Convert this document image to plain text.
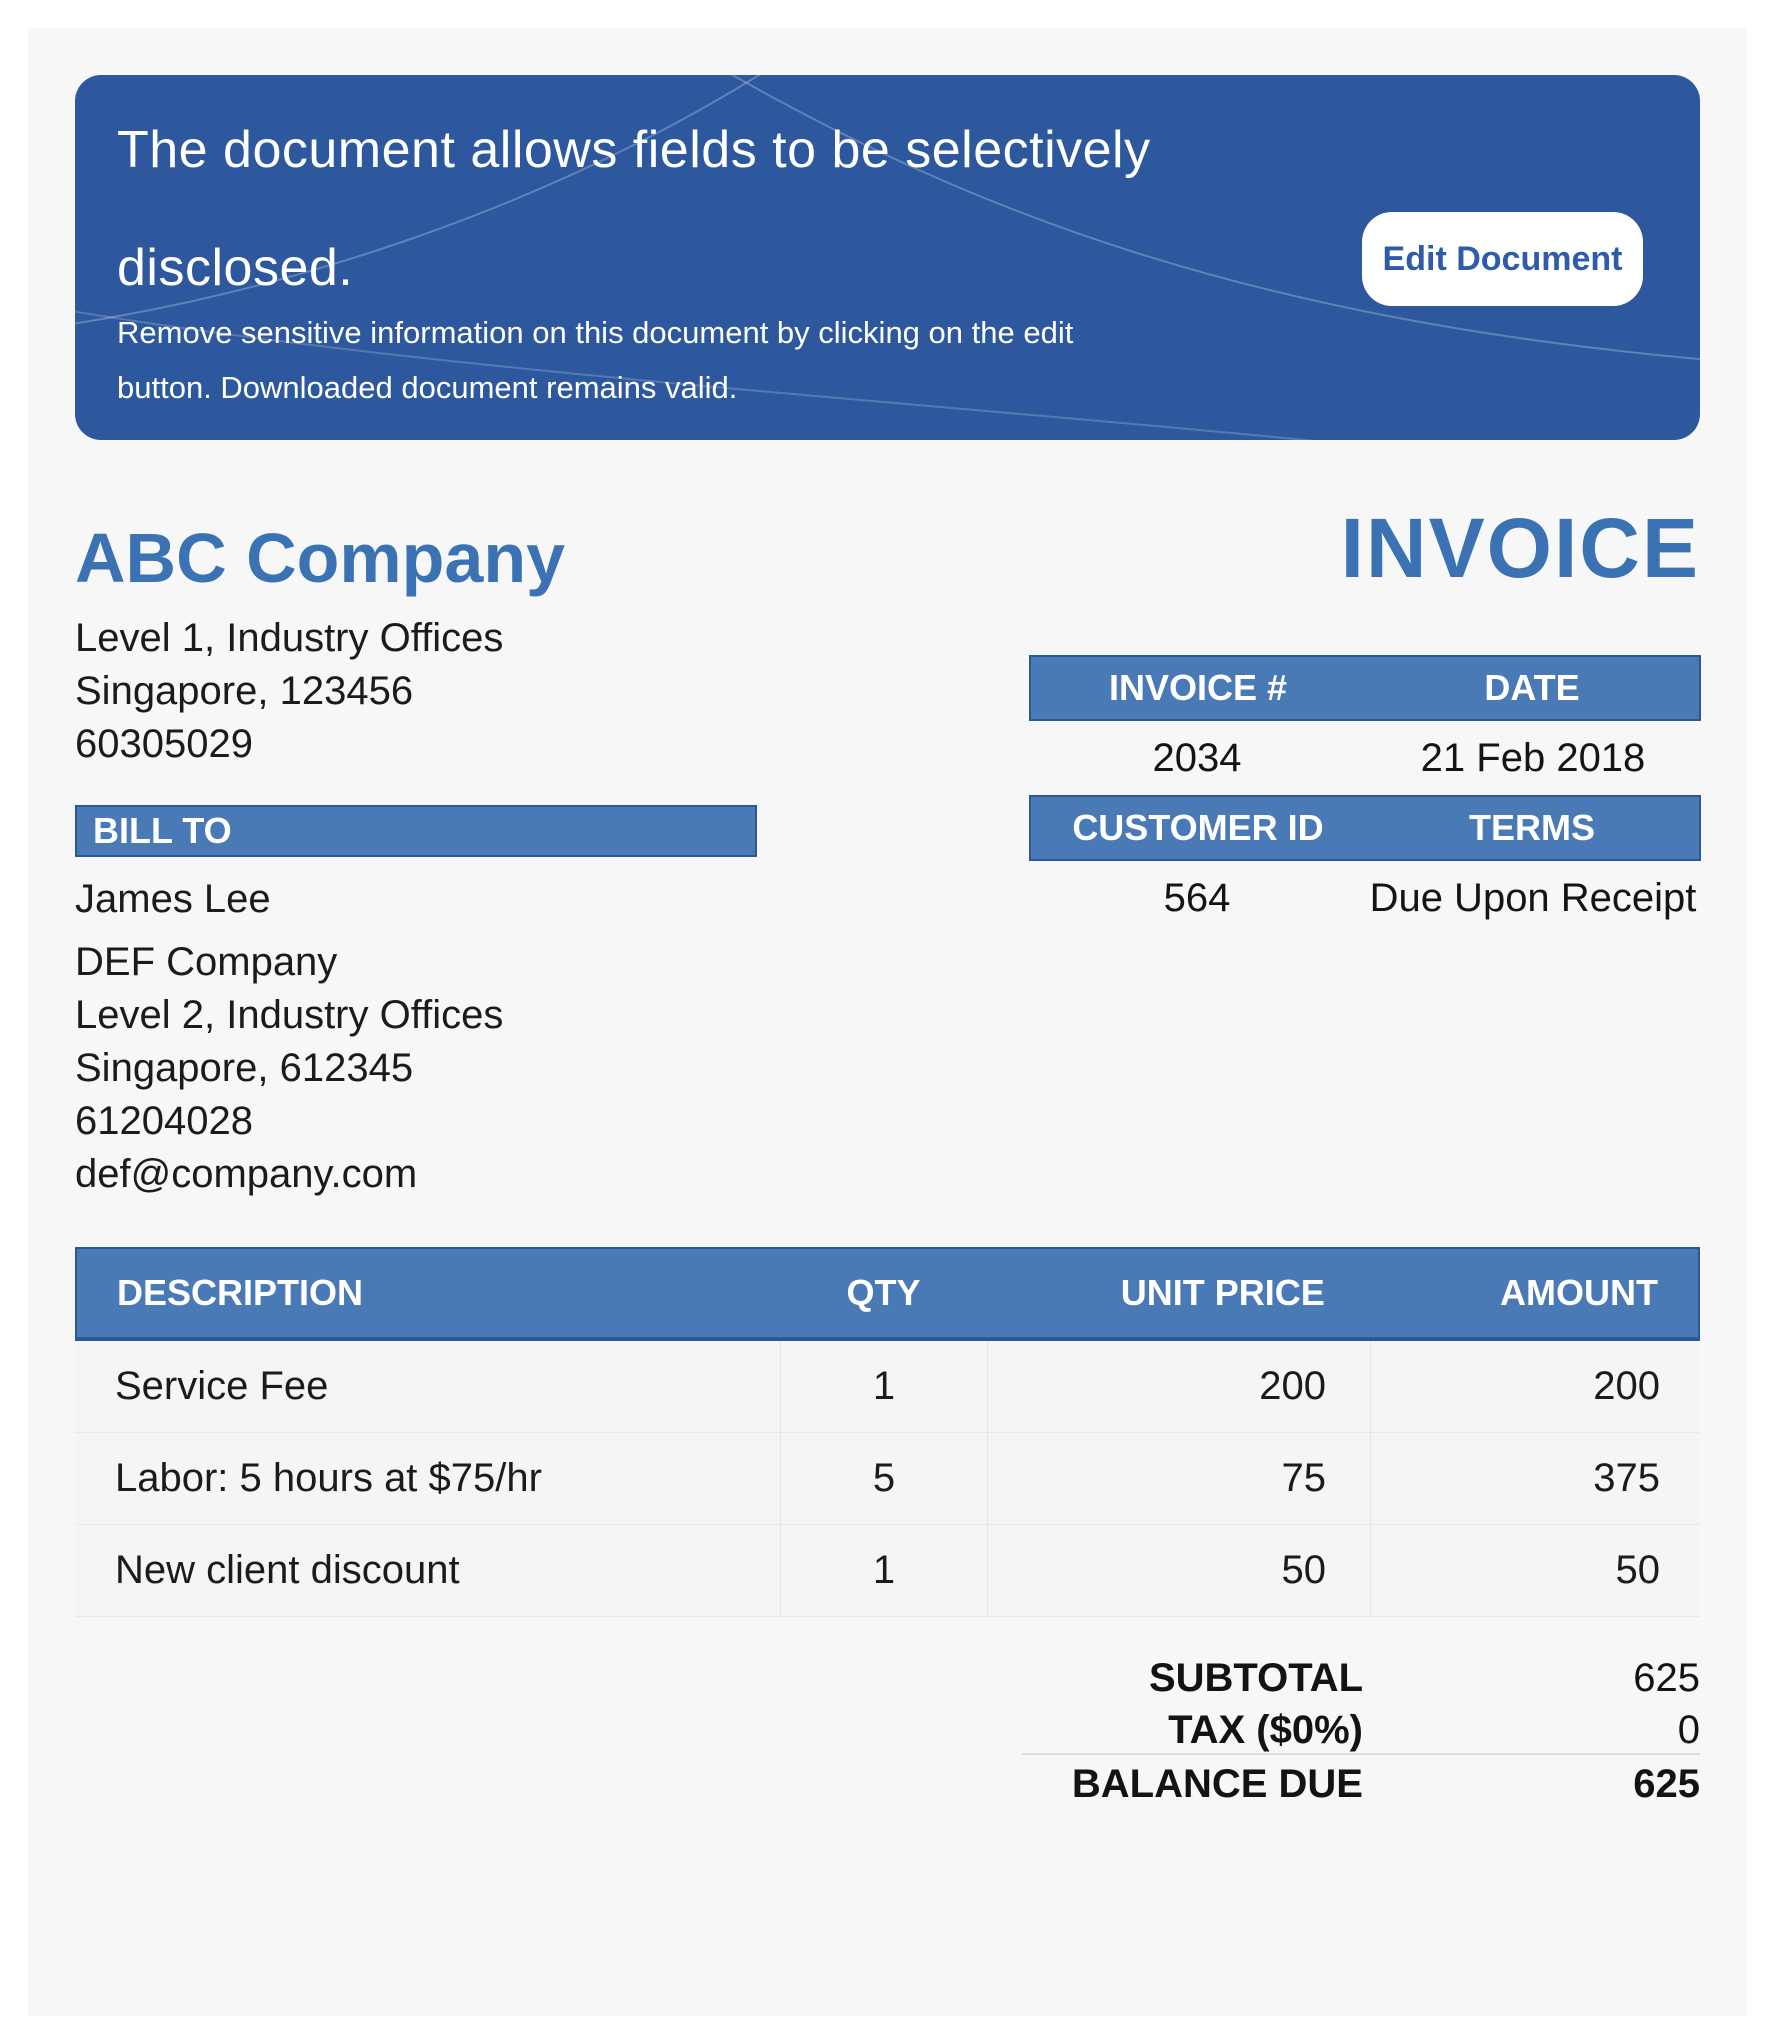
The document allows fields to be selectively
disclosed.
Remove sensitive information on this document by clicking on the edit
button. Downloaded document remains valid.
Edit Document
ABC Company	INVOICE
Level 1, Industry Offices
Singapore, 123456
60305029
INVOICE #	DATE
2034	21 Feb 2018
CUSTOMER ID	TERMS
564	Due Upon Receipt
BILL TO
James Lee
DEF Company
Level 2, Industry Offices
Singapore, 612345
61204028
def@company.com
DESCRIPTION	QTY	UNIT PRICE	AMOUNT
Service Fee	1	200	200
Labor: 5 hours at $75/hr	5	75	375
New client discount	1	50	50
SUBTOTAL	625
TAX ($0%)	0
BALANCE DUE	625
